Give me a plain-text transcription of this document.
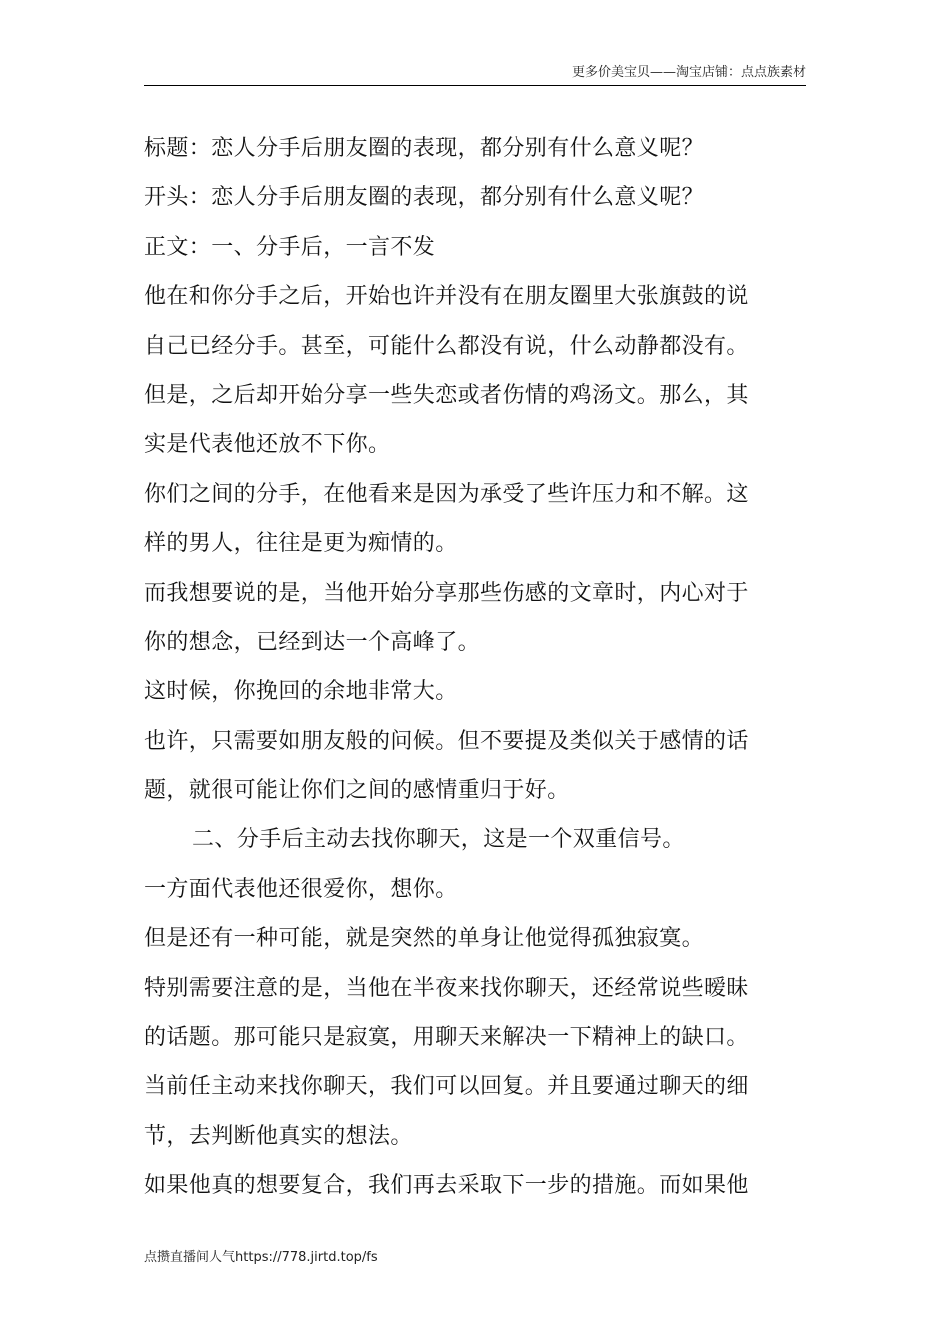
更多价美宝贝——淘宝店铺：点点族素材
标题：恋人分手后朋友圈的表现，都分别有什么意义呢？
开头：恋人分手后朋友圈的表现，都分别有什么意义呢？
正文：一、分手后，一言不发
他在和你分手之后，开始也许并没有在朋友圈里大张旗鼓的说
自己已经分手。甚至，可能什么都没有说，什么动静都没有。
但是，之后却开始分享一些失恋或者伤情的鸡汤文。那么，其
实是代表他还放不下你。
你们之间的分手，在他看来是因为承受了些许压力和不解。这
样的男人，往往是更为痴情的。
而我想要说的是，当他开始分享那些伤感的文章时，内心对于
你的想念，已经到达一个高峰了。
这时候，你挽回的余地非常大。
也许，只需要如朋友般的问候。但不要提及类似关于感情的话
题，就很可能让你们之间的感情重归于好。
二、分手后主动去找你聊天，这是一个双重信号。
一方面代表他还很爱你，想你。
但是还有一种可能，就是突然的单身让他觉得孤独寂寞。
特别需要注意的是，当他在半夜来找你聊天，还经常说些暧昧
的话题。那可能只是寂寞，用聊天来解决一下精神上的缺口。
当前任主动来找你聊天，我们可以回复。并且要通过聊天的细
节，去判断他真实的想法。
如果他真的想要复合，我们再去采取下一步的措施。而如果他
点攒直播间人气https://778.jirtd.top/fs
